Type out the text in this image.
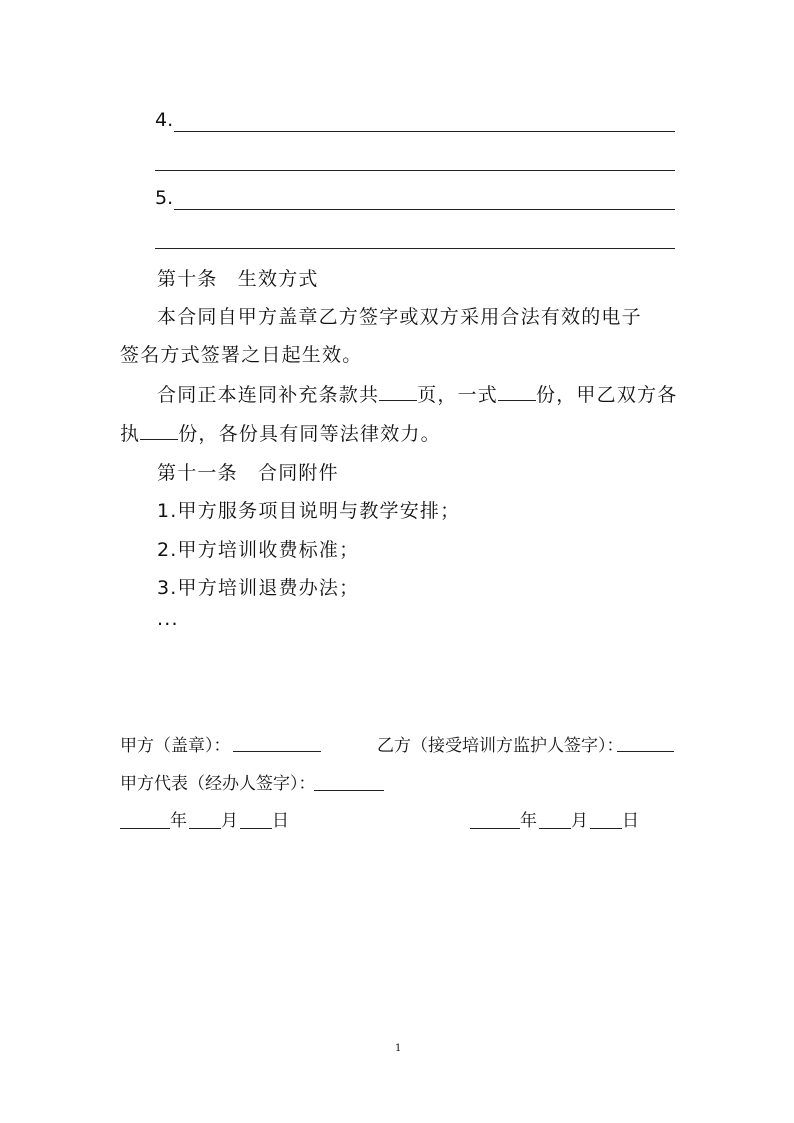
4.
5.
第十条　生效方式
本合同自甲方盖章乙方签字或双方采用合法有效的电子
签名方式签署之日起生效。
合同正本连同补充条款共 页，一式 份，甲乙双方各
执 份，各份具有同等法律效力。
第十一条　合同附件
1.甲方服务项目说明与教学安排；
2.甲方培训收费标准；
3.甲方培训退费办法；
...
甲方（盖章）：	乙方（接受培训方监护人签字）：
甲方代表（经办人签字）：
年 月 日	年 月 日
1
